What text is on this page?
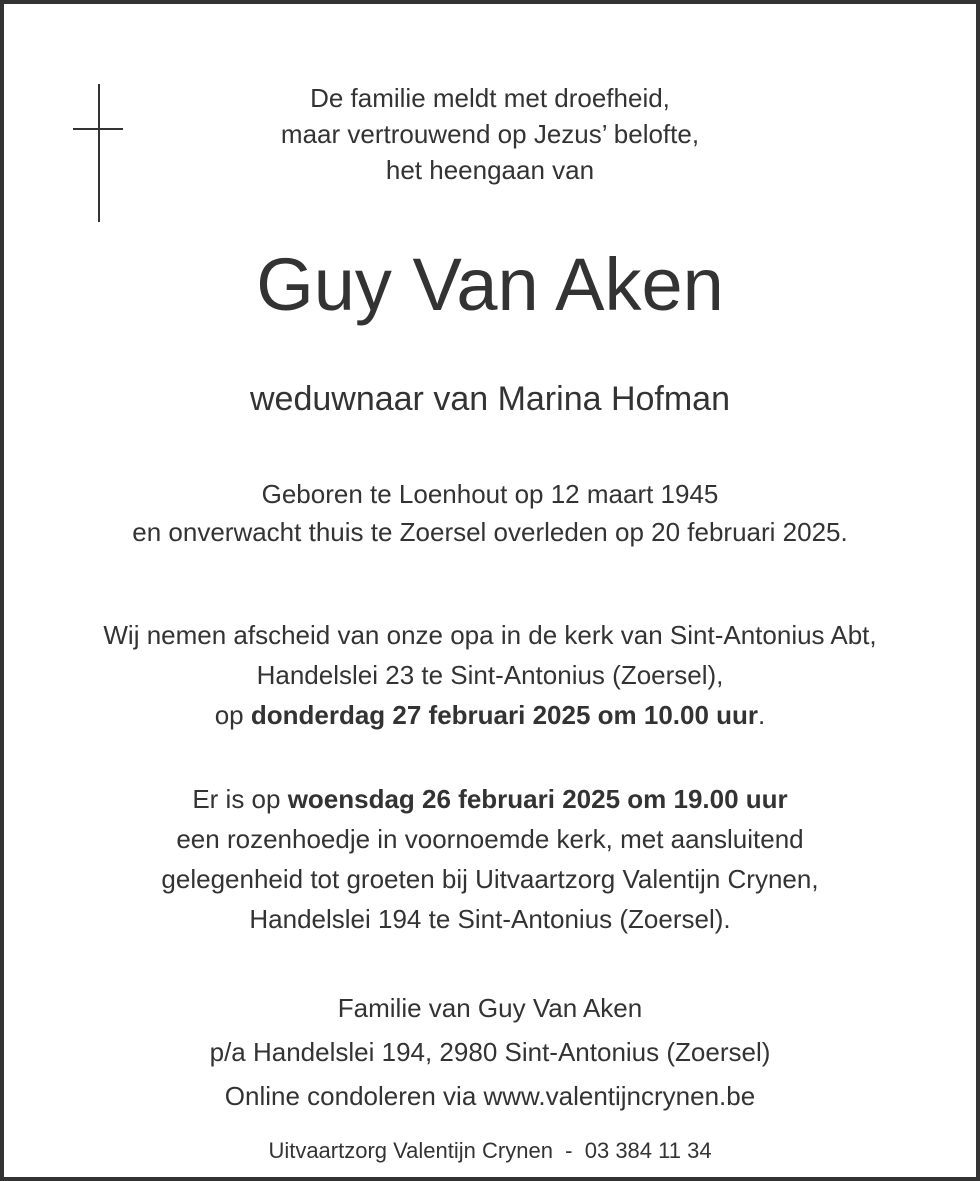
De familie meldt met droefheid,
maar vertrouwend op Jezus’ belofte,
het heengaan van
Guy Van Aken
weduwnaar van Marina Hofman
Geboren te Loenhout op 12 maart 1945
en onverwacht thuis te Zoersel overleden op 20 februari 2025.
Wij nemen afscheid van onze opa in de kerk van Sint-Antonius Abt,
Handelslei 23 te Sint-Antonius (Zoersel),
op donderdag 27 februari 2025 om 10.00 uur.
Er is op woensdag 26 februari 2025 om 19.00 uur
een rozenhoedje in voornoemde kerk, met aansluitend
gelegenheid tot groeten bij Uitvaartzorg Valentijn Crynen,
Handelslei 194 te Sint-Antonius (Zoersel).
Familie van Guy Van Aken
p/a Handelslei 194, 2980 Sint-Antonius (Zoersel)
Online condoleren via www.valentijncrynen.be
Uitvaartzorg Valentijn Crynen - 03 384 11 34
